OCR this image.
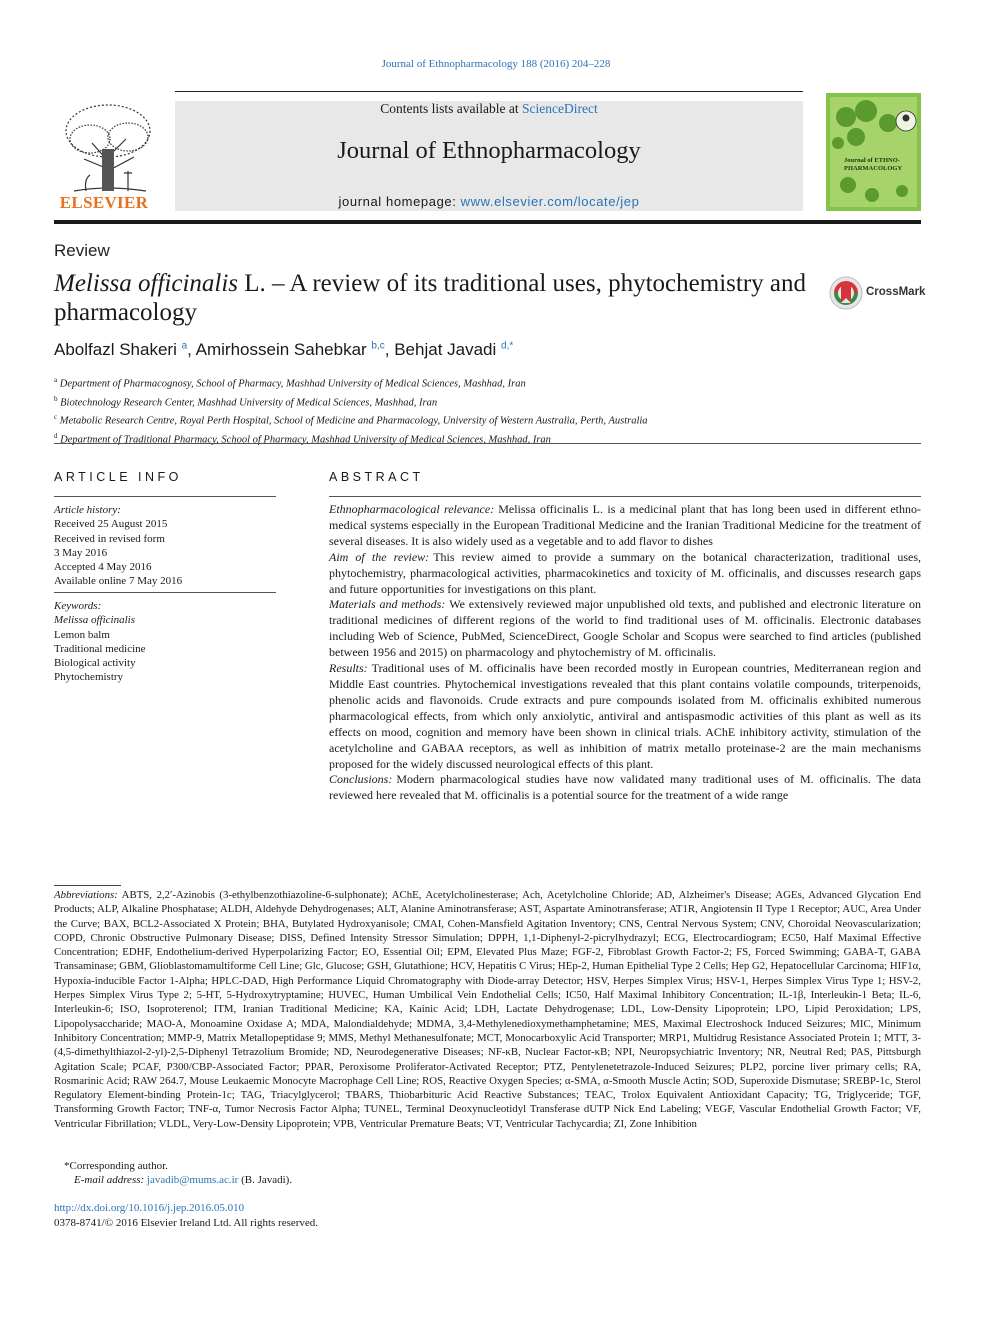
Journal of Ethnopharmacology 188 (2016) 204–228
ELSEVIER
Contents lists available at ScienceDirect
Journal of Ethnopharmacology
journal homepage: www.elsevier.com/locate/jep
Journal of ETHNO- PHARMACOLOGY
Review
Melissa officinalis L. – A review of its traditional uses, phytochemistry and pharmacology
CrossMark
Abolfazl Shakeri $^a$, Amirhossein Sahebkar $^{b,c}$, Behjat Javadi $^{d,*}$
$^a$ Department of Pharmacognosy, School of Pharmacy, Mashhad University of Medical Sciences, Mashhad, Iran
$^b$ Biotechnology Research Center, Mashhad University of Medical Sciences, Mashhad, Iran
$^c$ Metabolic Research Centre, Royal Perth Hospital, School of Medicine and Pharmacology, University of Western Australia, Perth, Australia
$^d$ Department of Traditional Pharmacy, School of Pharmacy, Mashhad University of Medical Sciences, Mashhad, Iran
ARTICLE INFO
Article history:
Received 25 August 2015
Received in revised form
3 May 2016
Accepted 4 May 2016
Available online 7 May 2016
Keywords:
Melissa officinalis
Lemon balm
Traditional medicine
Biological activity
Phytochemistry
ABSTRACT

Ethnopharmacological relevance: Melissa officinalis L. is a medicinal plant that has long been used in different ethno-medical systems especially in the European Traditional Medicine and the Iranian Traditional Medicine for the treatment of several diseases. It is also widely used as a vegetable and to add flavor to dishes

Aim of the review: This review aimed to provide a summary on the botanical characterization, traditional uses, phytochemistry, pharmacological activities, pharmacokinetics and toxicity of M. officinalis, and discusses research gaps and future opportunities for investigations on this plant.

Materials and methods: We extensively reviewed major unpublished old texts, and published and electronic literature on traditional medicines of different regions of the world to find traditional uses of M. officinalis. Electronic databases including Web of Science, PubMed, ScienceDirect, Google Scholar and Scopus were searched to find articles (published between 1956 and 2015) on pharmacology and phytochemistry of M. officinalis.

Results: Traditional uses of M. officinalis have been recorded mostly in European countries, Mediterranean region and Middle East countries. Phytochemical investigations revealed that this plant contains volatile compounds, triterpenoids, phenolic acids and flavonoids. Crude extracts and pure compounds isolated from M. officinalis exhibited numerous pharmacological effects, from which only anxiolytic, antiviral and antispasmodic activities of this plant as well as its effects on mood, cognition and memory have been shown in clinical trials. AChE inhibitory activity, stimulation of the acetylcholine and GABAA receptors, as well as inhibition of matrix metallo proteinase-2 are the main mechanisms proposed for the widely discussed neurological effects of this plant.

Conclusions: Modern pharmacological studies have now validated many traditional uses of M. officinalis. The data reviewed here revealed that M. officinalis is a potential source for the treatment of a wide range

Abbreviations: ABTS, 2,2′-Azinobis (3-ethylbenzothiazoline-6-sulphonate); AChE, Acetylcholinesterase; Ach, Acetylcholine Chloride; AD, Alzheimer's Disease; AGEs, Advanced Glycation End Products; ALP, Alkaline Phosphatase; ALDH, Aldehyde Dehydrogenases; ALT, Alanine Aminotransferase; AST, Aspartate Aminotransferase; AT1R, Angiotensin II Type 1 Receptor; AUC, Area Under the Curve; BAX, BCL2-Associated X Protein; BHA, Butylated Hydroxyanisole; CMAI, Cohen-Mansfield Agitation Inventory; CNS, Central Nervous System; CNV, Choroidal Neovascularization; COPD, Chronic Obstructive Pulmonary Disease; DISS, Defined Intensity Stressor Simulation; DPPH, 1,1-Diphenyl-2-picrylhydrazyl; ECG, Electrocardiogram; EC50, Half Maximal Effective Concentration; EDHF, Endothelium-derived Hyperpolarizing Factor; EO, Essential Oil; EPM, Elevated Plus Maze; FGF-2, Fibroblast Growth Factor-2; FS, Forced Swimming; GABA-T, GABA Transaminase; GBM, Glioblastomamultiforme Cell Line; Glc, Glucose; GSH, Glutathione; HCV, Hepatitis C Virus; HEp-2, Human Epithelial Type 2 Cells; Hep G2, Hepatocellular Carcinoma; HIF1α, Hypoxia-inducible Factor 1-Alpha; HPLC-DAD, High Performance Liquid Chromatography with Diode-array Detector; HSV, Herpes Simplex Virus; HSV-1, Herpes Simplex Virus Type 1; HSV-2, Herpes Simplex Virus Type 2; 5-HT, 5-Hydroxytryptamine; HUVEC, Human Umbilical Vein Endothelial Cells; IC50, Half Maximal Inhibitory Concentration; IL-1β, Interleukin-1 Beta; IL-6, Interleukin-6; ISO, Isoproterenol; ITM, Iranian Traditional Medicine; KA, Kainic Acid; LDH, Lactate Dehydrogenase; LDL, Low-Density Lipoprotein; LPO, Lipid Peroxidation; LPS, Lipopolysaccharide; MAO-A, Monoamine Oxidase A; MDA, Malondialdehyde; MDMA, 3,4-Methylenedioxymethamphetamine; MES, Maximal Electroshock Induced Seizures; MIC, Minimum Inhibitory Concentration; MMP-9, Matrix Metallopeptidase 9; MMS, Methyl Methanesulfonate; MCT, Monocarboxylic Acid Transporter; MRP1, Multidrug Resistance Associated Protein 1; MTT, 3-(4,5-dimethylthiazol-2-yl)-2,5-Diphenyl Tetrazolium Bromide; ND, Neurodegenerative Diseases; NF-κB, Nuclear Factor-κB; NPI, Neuropsychiatric Inventory; NR, Neutral Red; PAS, Pittsburgh Agitation Scale; PCAF, P300/CBP-Associated Factor; PPAR, Peroxisome Proliferator-Activated Receptor; PTZ, Pentylenetetrazole-Induced Seizures; PLP2, porcine liver primary cells; RA, Rosmarinic Acid; RAW 264.7, Mouse Leukaemic Monocyte Macrophage Cell Line; ROS, Reactive Oxygen Species; α-SMA, α-Smooth Muscle Actin; SOD, Superoxide Dismutase; SREBP-1c, Sterol Regulatory Element-binding Protein-1c; TAG, Triacylglycerol; TBARS, Thiobarbituric Acid Reactive Substances; TEAC, Trolox Equivalent Antioxidant Capacity; TG, Triglyceride; TGF, Transforming Growth Factor; TNF-α, Tumor Necrosis Factor Alpha; TUNEL, Terminal Deoxynucleotidyl Transferase dUTP Nick End Labeling; VEGF, Vascular Endothelial Growth Factor; VF, Ventricular Fibrillation; VLDL, Very-Low-Density Lipoprotein; VPB, Ventricular Premature Beats; VT, Ventricular Tachycardia; ZI, Zone Inhibition

*Corresponding author.
E-mail address: javadib@mums.ac.ir (B. Javadi).
http://dx.doi.org/10.1016/j.jep.2016.05.010
0378-8741/© 2016 Elsevier Ireland Ltd. All rights reserved.
